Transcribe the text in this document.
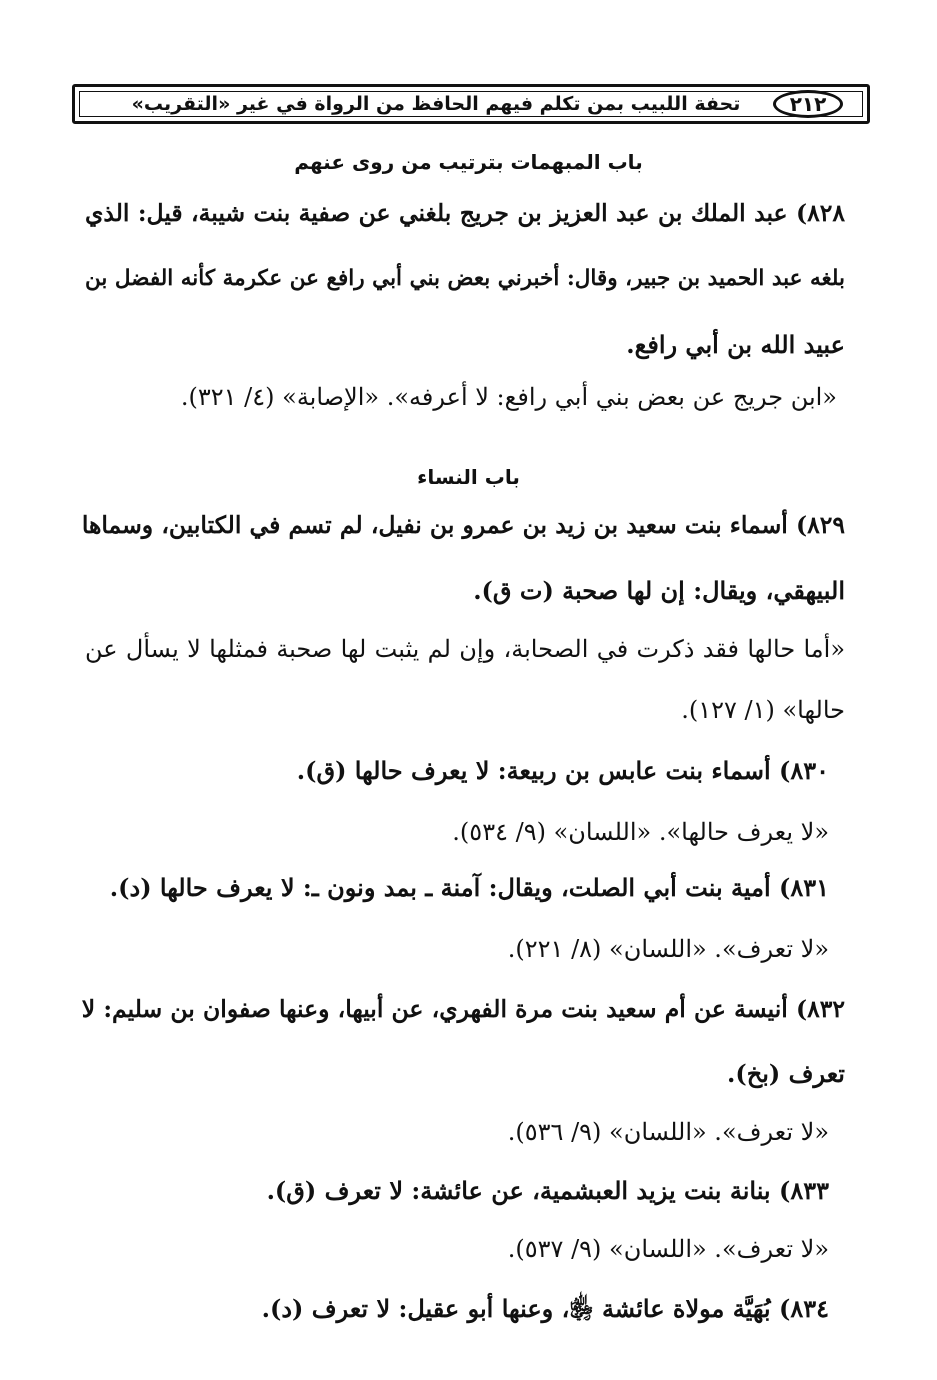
٢١٢
تحفة اللبيب بمن تكلم فيهم الحافظ من الرواة في غير «التقريب»
باب المبهمات بترتيب من روى عنهم
٨٢٨) عبد الملك بن عبد العزيز بن جريج بلغني عن صفية بنت شيبة، قيل: الذي
بلغه عبد الحميد بن جبير، وقال: أخبرني بعض بني أبي رافع عن عكرمة كأنه الفضل بن
عبيد الله بن أبي رافع.
«ابن جريج عن بعض بني أبي رافع: لا أعرفه». «الإصابة» (٤/ ٣٢١).
باب النساء
٨٢٩) أسماء بنت سعيد بن زيد بن عمرو بن نفيل، لم تسم في الكتابين، وسماها
البيهقي، ويقال: إن لها صحبة (ت ق).
«أما حالها فقد ذكرت في الصحابة، وإن لم يثبت لها صحبة فمثلها لا يسأل عن
حالها» (١/ ١٢٧).
٨٣٠) أسماء بنت عابس بن ربيعة: لا يعرف حالها (ق).
«لا يعرف حالها». «اللسان» (٩/ ٥٣٤).
٨٣١) أمية بنت أبي الصلت، ويقال: آمنة ـ بمد ونون ـ: لا يعرف حالها (د).
«لا تعرف». «اللسان» (٨/ ٢٢١).
٨٣٢) أنيسة عن أم سعيد بنت مرة الفهري، عن أبيها، وعنها صفوان بن سليم: لا
تعرف (بخ).
«لا تعرف». «اللسان» (٩/ ٥٣٦).
٨٣٣) بنانة بنت يزيد العبشمية، عن عائشة: لا تعرف (ق).
«لا تعرف». «اللسان» (٩/ ٥٣٧).
٨٣٤) بُهَيَّة مولاة عائشة ﵂، وعنها أبو عقيل: لا تعرف (د).
